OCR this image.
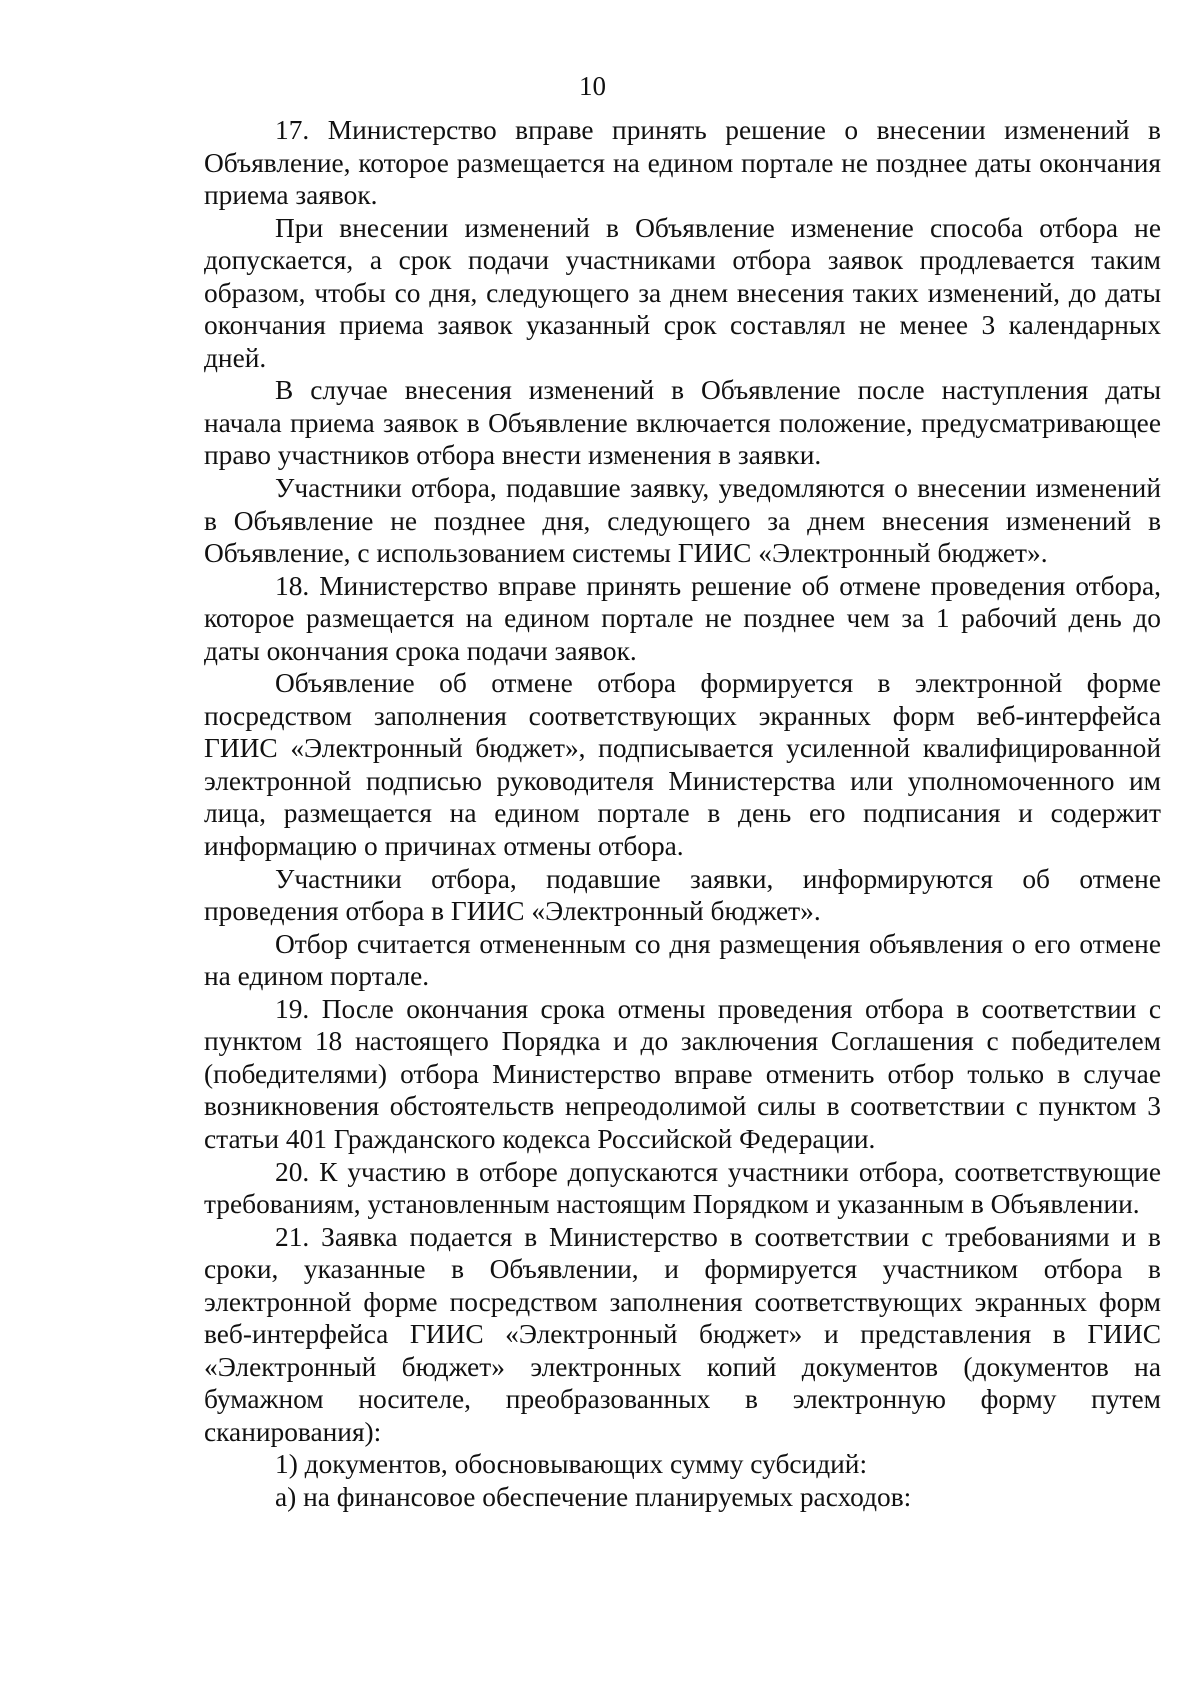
10

17. Министерство вправе принять решение о внесении изменений в Объявление, которое размещается на едином портале не позднее даты окончания приема заявок.

При внесении изменений в Объявление изменение способа отбора не допускается, а срок подачи участниками отбора заявок продлевается таким образом, чтобы со дня, следующего за днем внесения таких изменений, до даты окончания приема заявок указанный срок составлял не менее 3 календарных дней.

В случае внесения изменений в Объявление после наступления даты начала приема заявок в Объявление включается положение, предусматривающее право участников отбора внести изменения в заявки.

Участники отбора, подавшие заявку, уведомляются о внесении изменений в Объявление не позднее дня, следующего за днем внесения изменений в Объявление, с использованием системы ГИИС «Электронный бюджет».

18. Министерство вправе принять решение об отмене проведения отбора, которое размещается на едином портале не позднее чем за 1 рабочий день до даты окончания срока подачи заявок.

Объявление об отмене отбора формируется в электронной форме посредством заполнения соответствующих экранных форм веб-интерфейса ГИИС «Электронный бюджет», подписывается усиленной квалифицированной электронной подписью руководителя Министерства или уполномоченного им лица, размещается на едином портале в день его подписания и содержит информацию о причинах отмены отбора.

Участники отбора, подавшие заявки, информируются об отмене проведения отбора в ГИИС «Электронный бюджет».

Отбор считается отмененным со дня размещения объявления о его отмене на едином портале.

19. После окончания срока отмены проведения отбора в соответствии с пунктом 18 настоящего Порядка и до заключения Соглашения с победителем (победителями) отбора Министерство вправе отменить отбор только в случае возникновения обстоятельств непреодолимой силы в соответствии с пунктом 3 статьи 401 Гражданского кодекса Российской Федерации.

20. К участию в отборе допускаются участники отбора, соответствующие требованиям, установленным настоящим Порядком и указанным в Объявлении.

21. Заявка подается в Министерство в соответствии с требованиями и в сроки, указанные в Объявлении, и формируется участником отбора в электронной форме посредством заполнения соответствующих экранных форм веб-интерфейса ГИИС «Электронный бюджет» и представления в ГИИС «Электронный бюджет» электронных копий документов (документов на бумажном носителе, преобразованных в электронную форму путем сканирования):

1) документов, обосновывающих сумму субсидий:

а) на финансовое обеспечение планируемых расходов:
